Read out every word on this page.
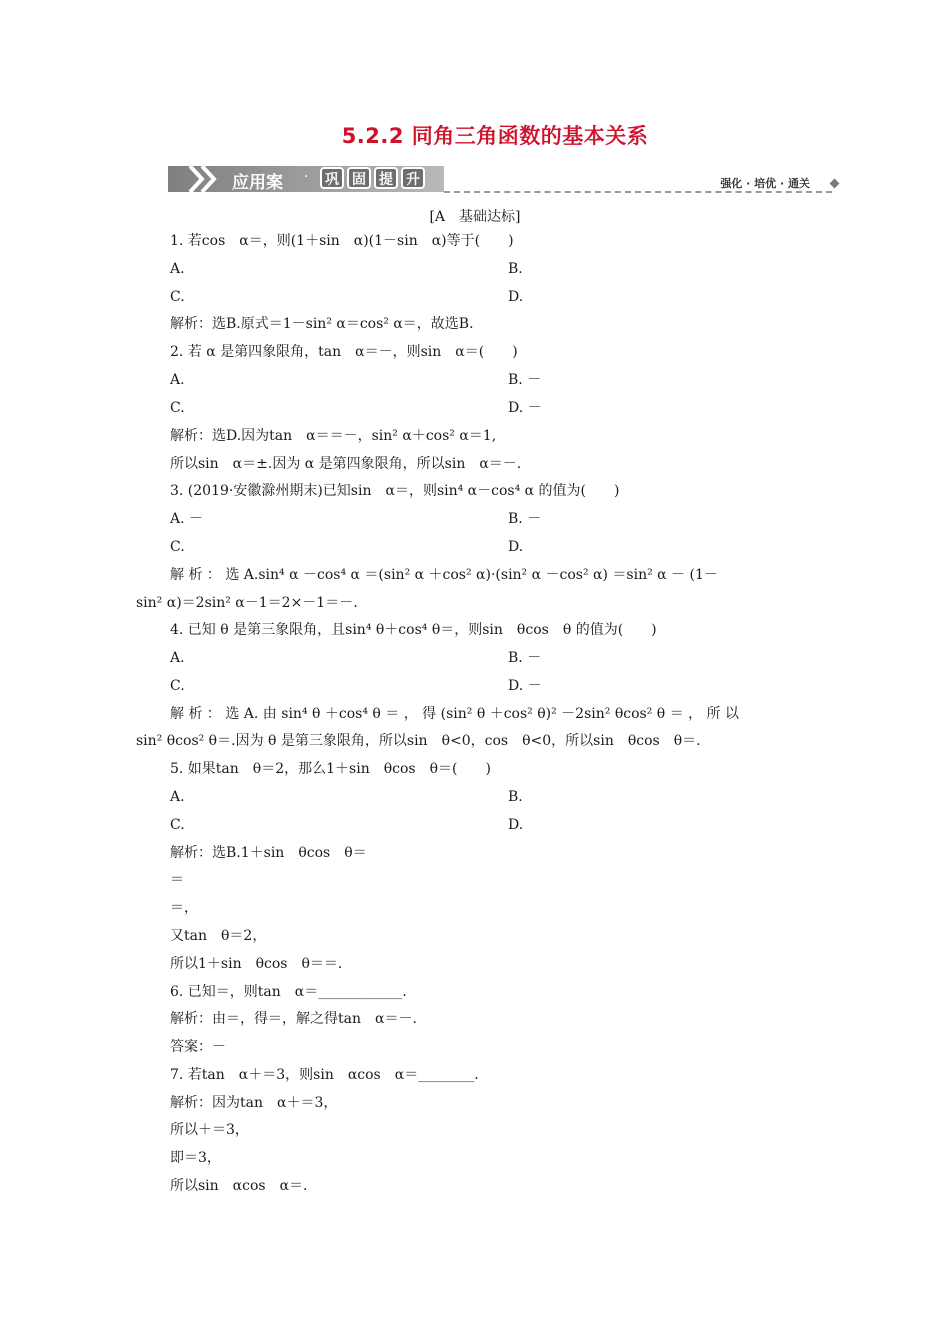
5.2.2 同角三角函数的基本关系
应用案 ·	巩 固 提 升	强化 · 培优 · 通关
[A　基础达标]
1. 若cos　α＝，则(1＋sin　α)(1－sin　α)等于(　　)
A.	B.
C.	D.
解析：选B.原式＝1－sin² α＝cos² α＝，故选B.
2. 若 α 是第四象限角，tan　α＝－，则sin　α＝(　　)
A.	B. －
C.	D. －
解析：选D.因为tan　α＝＝－，sin² α＋cos² α＝1,
所以sin　α＝±.因为 α 是第四象限角，所以sin　α＝－.
3. (2019·安徽滁州期末)已知sin　α＝，则sin⁴ α－cos⁴ α 的值为(　　)
A. －	B. －
C.	D.
解 析 ： 选 A.sin⁴ α －cos⁴ α ＝(sin² α ＋cos² α)·(sin² α －cos² α) ＝sin² α － (1－
sin² α)＝2sin² α－1＝2×－1＝－.
4. 已知 θ 是第三象限角，且sin⁴ θ＋cos⁴ θ＝，则sin　θcos　θ 的值为(　　)
A.	B. －
C.	D. －
解 析 ： 选 A. 由 sin⁴ θ ＋cos⁴ θ ＝ ， 得 (sin² θ ＋cos² θ)² －2sin² θcos² θ ＝ ， 所 以
sin² θcos² θ＝.因为 θ 是第三象限角，所以sin　θ<0，cos　θ<0，所以sin　θcos　θ＝.
5. 如果tan　θ＝2，那么1＋sin　θcos　θ＝(　　)
A.	B.
C.	D.
解析：选B.1＋sin　θcos　θ＝
＝
＝，
又tan　θ＝2，
所以1＋sin　θcos　θ＝＝.
6. 已知＝，则tan　α＝____________.
解析：由＝，得＝，解之得tan　α＝－.
答案：－
7. 若tan　α＋＝3，则sin　αcos　α＝________.
解析：因为tan　α＋＝3，
所以＋＝3，
即＝3，
所以sin　αcos　α＝.
